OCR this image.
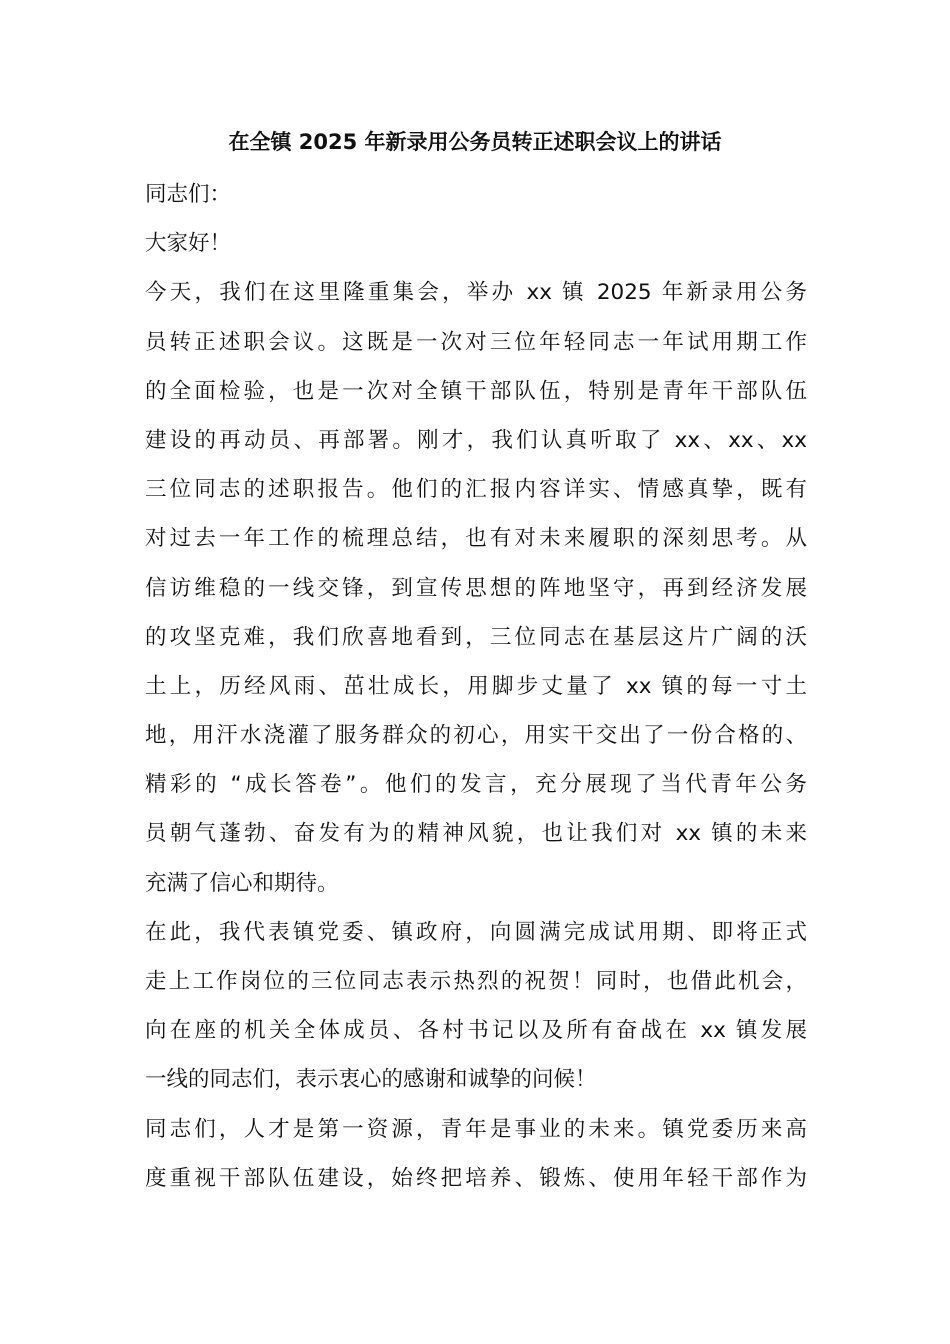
在全镇 2025 年新录用公务员转正述职会议上的讲话
同志们：
大家好！
今天，我们在这里隆重集会，举办 xx 镇 2025 年新录用公务
员转正述职会议。这既是一次对三位年轻同志一年试用期工作
的全面检验，也是一次对全镇干部队伍，特别是青年干部队伍
建设的再动员、再部署。刚才，我们认真听取了 xx、xx、xx
三位同志的述职报告。他们的汇报内容详实、情感真挚，既有
对过去一年工作的梳理总结，也有对未来履职的深刻思考。从
信访维稳的一线交锋，到宣传思想的阵地坚守，再到经济发展
的攻坚克难，我们欣喜地看到，三位同志在基层这片广阔的沃
土上，历经风雨、茁壮成长，用脚步丈量了 xx 镇的每一寸土
地，用汗水浇灌了服务群众的初心，用实干交出了一份合格的、
精彩的 “成长答卷”。他们的发言，充分展现了当代青年公务
员朝气蓬勃、奋发有为的精神风貌，也让我们对 xx 镇的未来
充满了信心和期待。
在此，我代表镇党委、镇政府，向圆满完成试用期、即将正式
走上工作岗位的三位同志表示热烈的祝贺！同时，也借此机会，
向在座的机关全体成员、各村书记以及所有奋战在 xx 镇发展
一线的同志们，表示衷心的感谢和诚挚的问候！
同志们，人才是第一资源，青年是事业的未来。镇党委历来高
度重视干部队伍建设，始终把培养、锻炼、使用年轻干部作为
